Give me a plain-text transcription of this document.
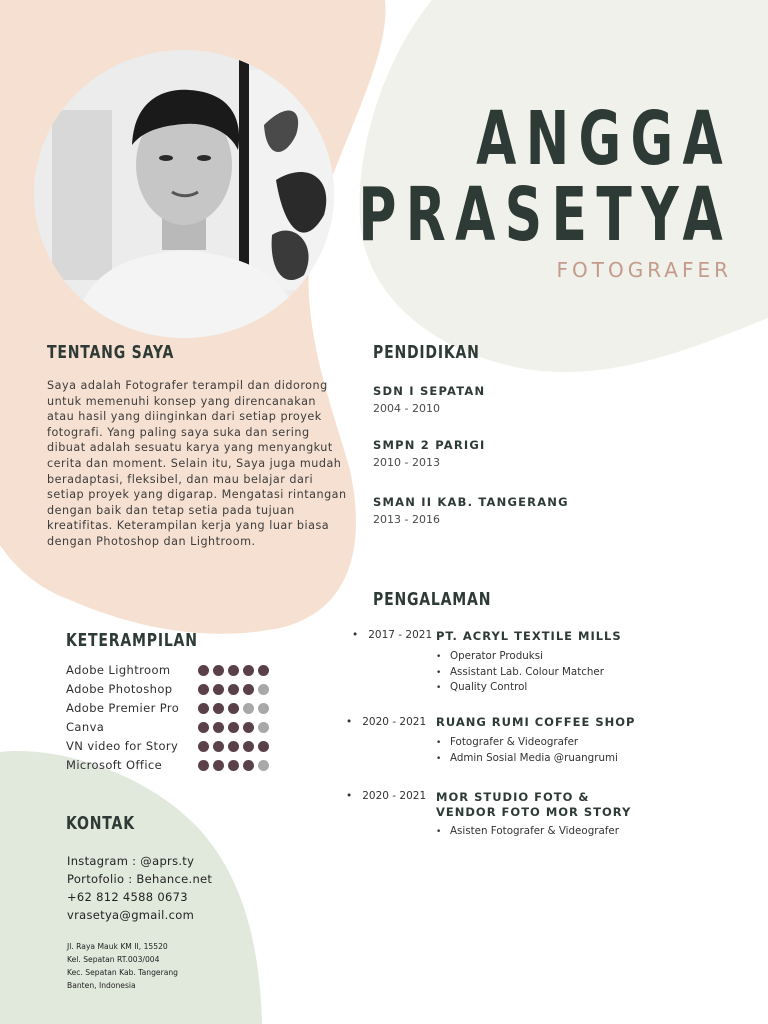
ANGGA
PRASETYA
FOTOGRAFER
TENTANG SAYA
Saya adalah Fotografer terampil dan didorong untuk memenuhi konsep yang direncanakan atau hasil yang diinginkan dari setiap proyek fotografi. Yang paling saya suka dan sering dibuat adalah sesuatu karya yang menyangkut cerita dan moment. Selain itu, Saya juga mudah beradaptasi, fleksibel, dan mau belajar dari setiap proyek yang digarap. Mengatasi rintangan dengan baik dan tetap setia pada tujuan kreatifitas. Keterampilan kerja yang luar biasa dengan Photoshop dan Lightroom.
PENDIDIKAN
SDN I SEPATAN
2004 - 2010
SMPN 2 PARIGI
2010 - 2013
SMAN II KAB. TANGERANG
2013 - 2016
KETERAMPILAN
Adobe Lightroom
Adobe Photoshop
Adobe Premier Pro
Canva
VN video for Story
Microsoft Office
KONTAK
Instagram : @aprs.ty
Portofolio : Behance.net
+62 812 4588 0673
vrasetya@gmail.com
Jl. Raya Mauk KM II, 15520
Kel. Sepatan RT.003/004
Kec. Sepatan Kab. Tangerang
Banten, Indonesia
PENGALAMAN
•   2017 - 2021 PT. ACRYL TEXTILE MILLS
• Operator Produksi
• Assistant Lab. Colour Matcher
• Quality Control
•   2020 - 2021 RUANG RUMI COFFEE SHOP
• Fotografer & Videografer
• Admin Sosial Media @ruangrumi
•   2020 - 2021 MOR STUDIO FOTO &
VENDOR FOTO MOR STORY
• Asisten Fotografer & Videografer
